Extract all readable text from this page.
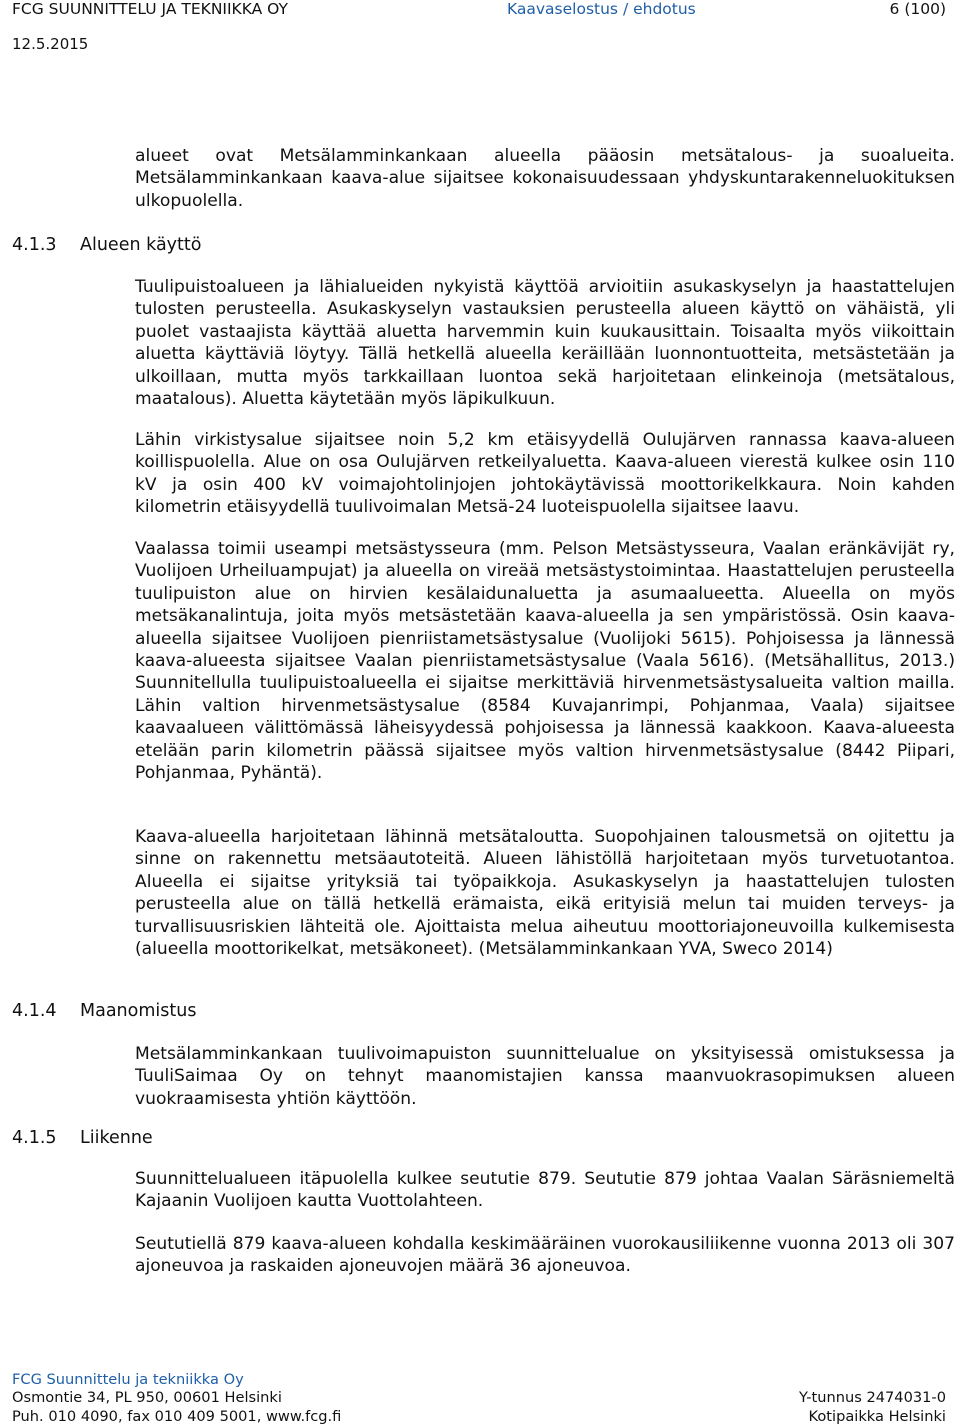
FCG SUUNNITTELU JA TEKNIIKKA OY	Kaavaselostus / ehdotus	6 (100)
12.5.2015

alueet ovat Metsälamminkankaan alueella pääosin metsätalous- ja suoalueita. Metsälamminkankaan kaava-alue sijaitsee kokonaisuudessaan yhdyskuntarakenneluokituksen ulkopuolella.

4.1.3 Alueen käyttö

Tuulipuistoalueen ja lähialueiden nykyistä käyttöä arvioitiin asukaskyselyn ja haastattelujen tulosten perusteella. Asukaskyselyn vastauksien perusteella alueen käyttö on vähäistä, yli puolet vastaajista käyttää aluetta harvemmin kuin kuukausittain. Toisaalta myös viikoittain aluetta käyttäviä löytyy. Tällä hetkellä alueella keräillään luonnontuotteita, metsästetään ja ulkoillaan, mutta myös tarkkaillaan luontoa sekä harjoitetaan elinkeinoja (metsätalous, maatalous). Aluetta käytetään myös läpikulkuun.

Lähin virkistysalue sijaitsee noin 5,2 km etäisyydellä Oulujärven rannassa kaava-alueen koillispuolella. Alue on osa Oulujärven retkeilyaluetta. Kaava-alueen vierestä kulkee osin 110 kV ja osin 400 kV voimajohtolinjojen johtokäytävissä moottorikelkkaura. Noin kahden kilometrin etäisyydellä tuulivoimalan Metsä-24 luoteispuolella sijaitsee laavu.

Vaalassa toimii useampi metsästysseura (mm. Pelson Metsästysseura, Vaalan eränkävijät ry, Vuolijoen Urheiluampujat) ja alueella on vireää metsästystoimintaa. Haastattelujen perusteella tuulipuiston alue on hirvien kesälaidunaluetta ja asumaalueetta. Alueella on myös metsäkanalintuja, joita myös metsästetään kaava-alueella ja sen ympäristössä. Osin kaava-alueella sijaitsee Vuolijoen pienriistametsästysalue (Vuolijoki 5615). Pohjoisessa ja lännessä kaava-alueesta sijaitsee Vaalan pienriistametsästysalue (Vaala 5616). (Metsähallitus, 2013.) Suunnitellulla tuulipuistoalueella ei sijaitse merkittäviä hirvenmetsästysalueita valtion mailla. Lähin valtion hirvenmetsästysalue (8584 Kuvajanrimpi, Pohjanmaa, Vaala) sijaitsee kaavaalueen välittömässä läheisyydessä pohjoisessa ja lännessä kaakkoon. Kaava-alueesta etelään parin kilometrin päässä sijaitsee myös valtion hirvenmetsästysalue (8442 Piipari, Pohjanmaa, Pyhäntä).

Kaava-alueella harjoitetaan lähinnä metsätaloutta. Suopohjainen talousmetsä on ojitettu ja sinne on rakennettu metsäautoteitä. Alueen lähistöllä harjoitetaan myös turvetuotantoa. Alueella ei sijaitse yrityksiä tai työpaikkoja. Asukaskyselyn ja haastattelujen tulosten perusteella alue on tällä hetkellä erämaista, eikä erityisiä melun tai muiden terveys- ja turvallisuusriskien lähteitä ole. Ajoittaista melua aiheutuu moottoriajoneuvoilla kulkemisesta (alueella moottorikelkat, metsäkoneet). (Metsälamminkankaan YVA, Sweco 2014)

4.1.4 Maanomistus

Metsälamminkankaan tuulivoimapuiston suunnittelualue on yksityisessä omistuksessa ja TuuliSaimaa Oy on tehnyt maanomistajien kanssa maanvuokrasopimuksen alueen vuokraamisesta yhtiön käyttöön.

4.1.5 Liikenne

Suunnittelualueen itäpuolella kulkee seututie 879. Seututie 879 johtaa Vaalan Säräsniemeltä Kajaanin Vuolijoen kautta Vuottolahteen.

Seututiellä 879 kaava-alueen kohdalla keskimääräinen vuorokausiliikenne vuonna 2013 oli 307 ajoneuvoa ja raskaiden ajoneuvojen määrä 36 ajoneuvoa.

FCG Suunnittelu ja tekniikka Oy
Osmontie 34, PL 950, 00601 Helsinki
Puh. 010 4090, fax 010 409 5001, www.fcg.fi

Y-tunnus 2474031-0
Kotipaikka Helsinki
